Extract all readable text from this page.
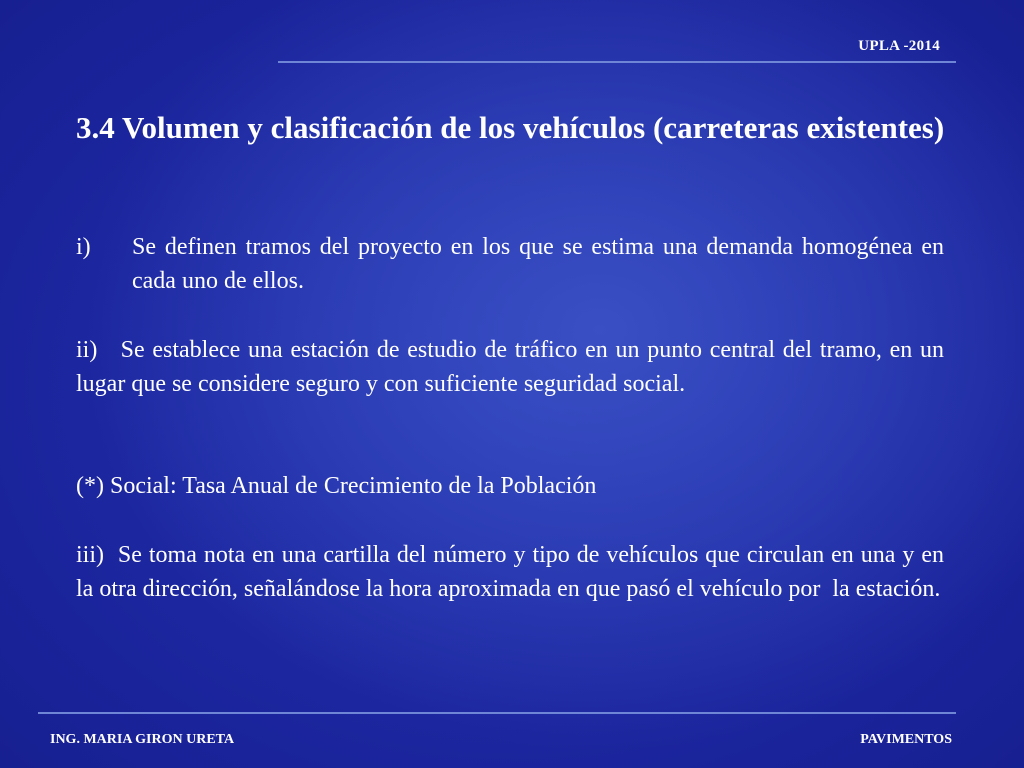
UPLA -2014
3.4 Volumen y clasificación de los vehículos (carreteras existentes)
i)	Se definen tramos del proyecto en los que se estima una demanda homogénea en cada uno de ellos.

ii)   Se establece una estación de estudio de tráfico en un punto central del tramo, en un lugar que se considere seguro y con suficiente seguridad social.

(*) Social: Tasa Anual de Crecimiento de la Población

iii)  Se toma nota en una cartilla del número y tipo de vehículos que circulan en una y en la otra dirección, señalándose la hora aproximada en que pasó el vehículo por  la estación.

ING. MARIA GIRON URETA	PAVIMENTOS
